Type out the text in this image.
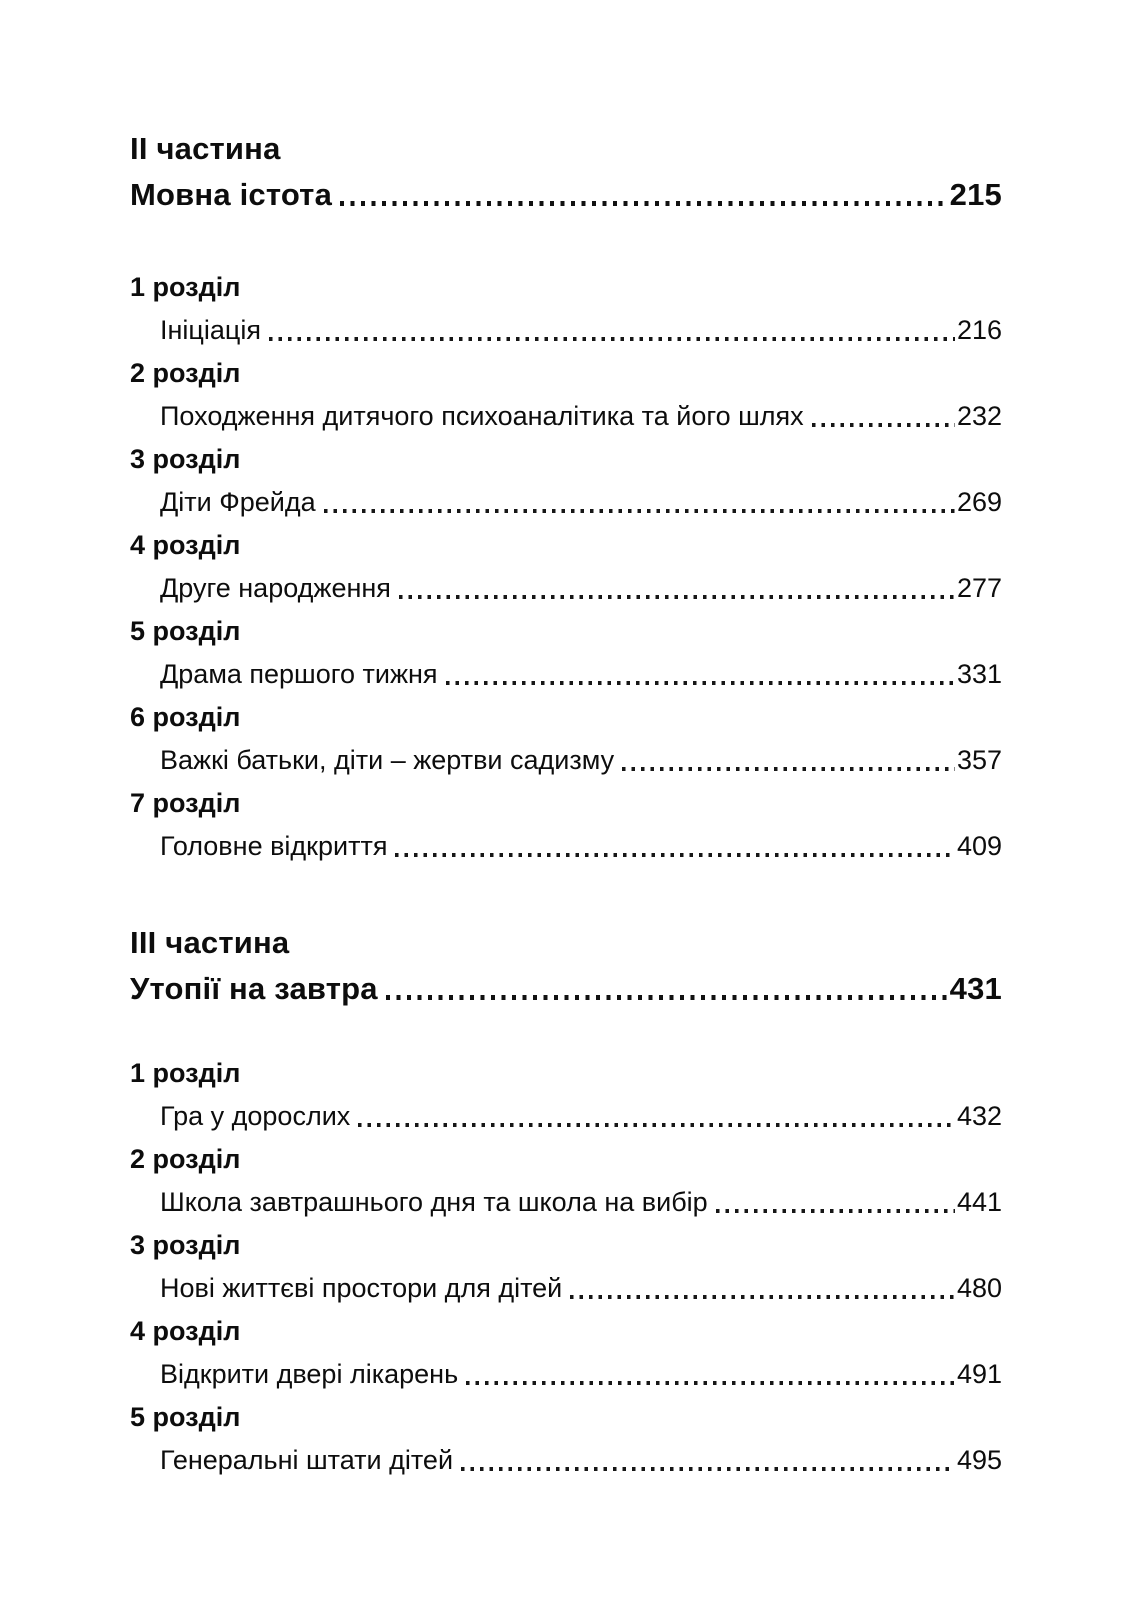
ІІ частина
Мовна істота	215
1 розділ
Ініціація	216
2 розділ
Походження дитячого психоаналітика та його шлях	232
3 розділ
Діти Фрейда	269
4 розділ
Друге народження	277
5 розділ
Драма першого тижня	331
6 розділ
Важкі батьки, діти – жертви садизму	357
7 розділ
Головне відкриття	409
ІІІ частина
Утопії на завтра	431
1 розділ
Гра у дорослих	432
2 розділ
Школа завтрашнього дня та школа на вибір	441
3 розділ
Нові життєві простори для дітей	480
4 розділ
Відкрити двері лікарень	491
5 розділ
Генеральні штати дітей	495
